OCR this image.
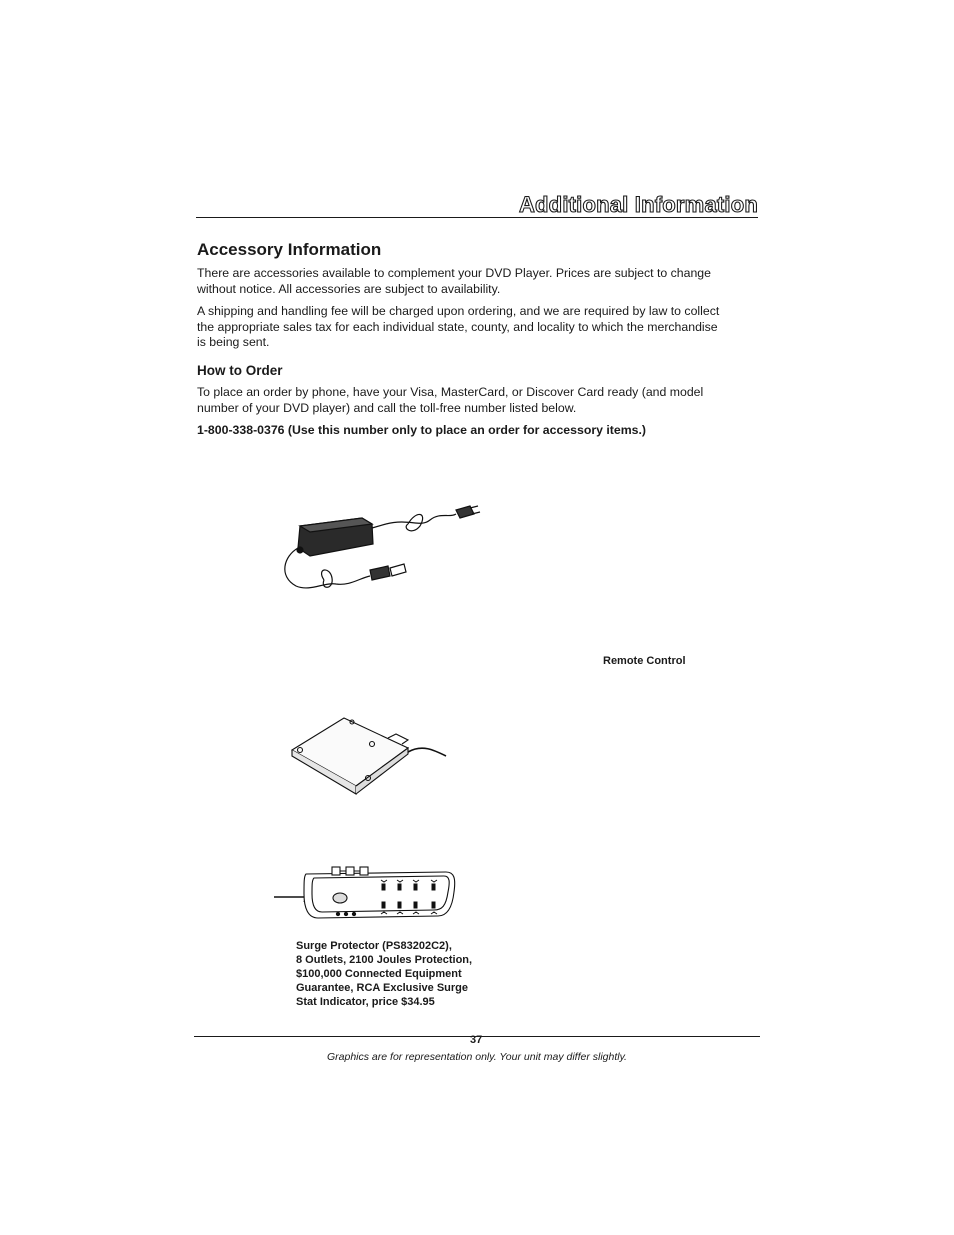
Additional Information
Accessory Information
There are accessories available to complement your DVD Player. Prices are subject to change without notice. All accessories are subject to availability.
A shipping and handling fee will be charged upon ordering, and we are required by law to collect the appropriate sales tax for each individual state, county, and locality to which the merchandise is being sent.
How to Order
To place an order by phone, have your Visa, MasterCard, or Discover Card ready (and model number of your DVD player) and call the toll-free number listed below.
1-800-338-0376 (Use this number only to place an order for accessory items.)
Remote Control
Surge Protector (PS83202C2),
8 Outlets, 2100 Joules Protection,
$100,000 Connected Equipment
Guarantee, RCA Exclusive Surge
Stat Indicator, price $34.95
37
Graphics are for representation only. Your unit may differ slightly.
